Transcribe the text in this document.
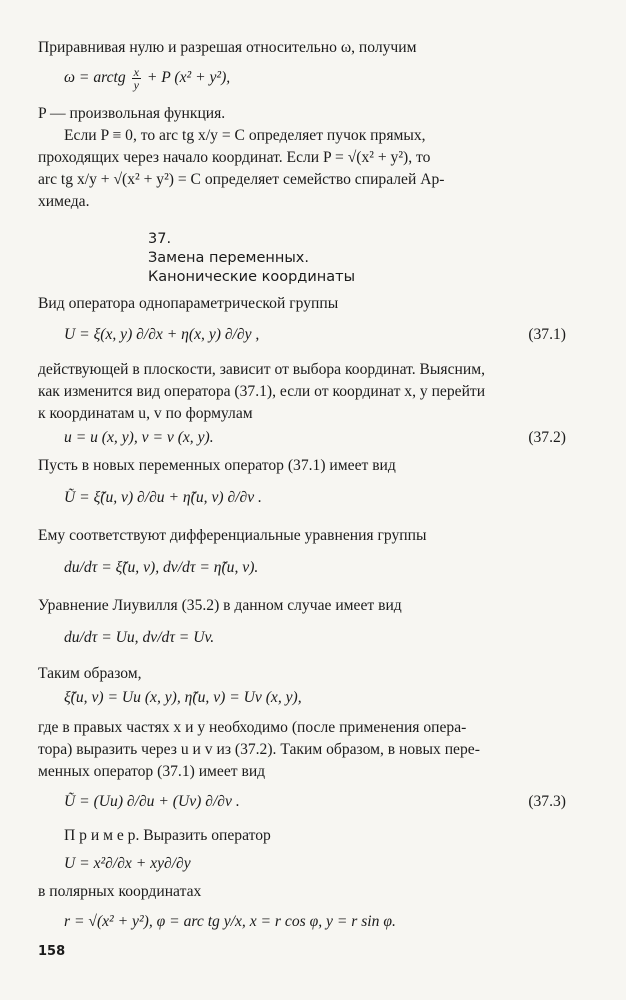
Приравнивая нулю и разрешая относительно ω, получим
ω = arctg $\frac{x}{y} + P$ (x² + y²),
P — произвольная функция.
Если P ≡ 0, то arc tg x/y = C определяет пучок прямых,
проходящих через начало координат. Если P = √(x² + y²), то
arc tg x/y + √(x² + y²) = C определяет семейство спиралей Ар-
химеда.
37.
Замена переменных.
Канонические координаты
Вид оператора однопараметрической группы
U = ξ(x, y) ∂/∂x + η(x, y) ∂/∂y ,	(37.1)
действующей в плоскости, зависит от выбора координат. Выясним,
как изменится вид оператора (37.1), если от координат x, y перейти
к координатам u, v по формулам
u = u (x, y), v = v (x, y).	(37.2)
Пусть в новых переменных оператор (37.1) имеет вид
Ũ = ξ̃(u, v) ∂/∂u + η̃(u, v) ∂/∂v .
Ему соответствуют дифференциальные уравнения группы
du/dτ = ξ̃(u, v), dv/dτ = η̃(u, v).
Уравнение Лиувилля (35.2) в данном случае имеет вид
du/dτ = Uu, dv/dτ = Uv.
Таким образом,
ξ̃(u, v) = Uu (x, y), η̃(u, v) = Uv (x, y),
где в правых частях x и y необходимо (после применения опера-
тора) выразить через u и v из (37.2). Таким образом, в новых пере-
менных оператор (37.1) имеет вид
Ũ = (Uu) ∂/∂u + (Uv) ∂/∂v .	(37.3)
П р и м е р. Выразить оператор
U = x²∂/∂x + xy∂/∂y
в полярных координатах
r = √(x² + y²), φ = arc tg y/x, x = r cos φ, y = r sin φ.
158
